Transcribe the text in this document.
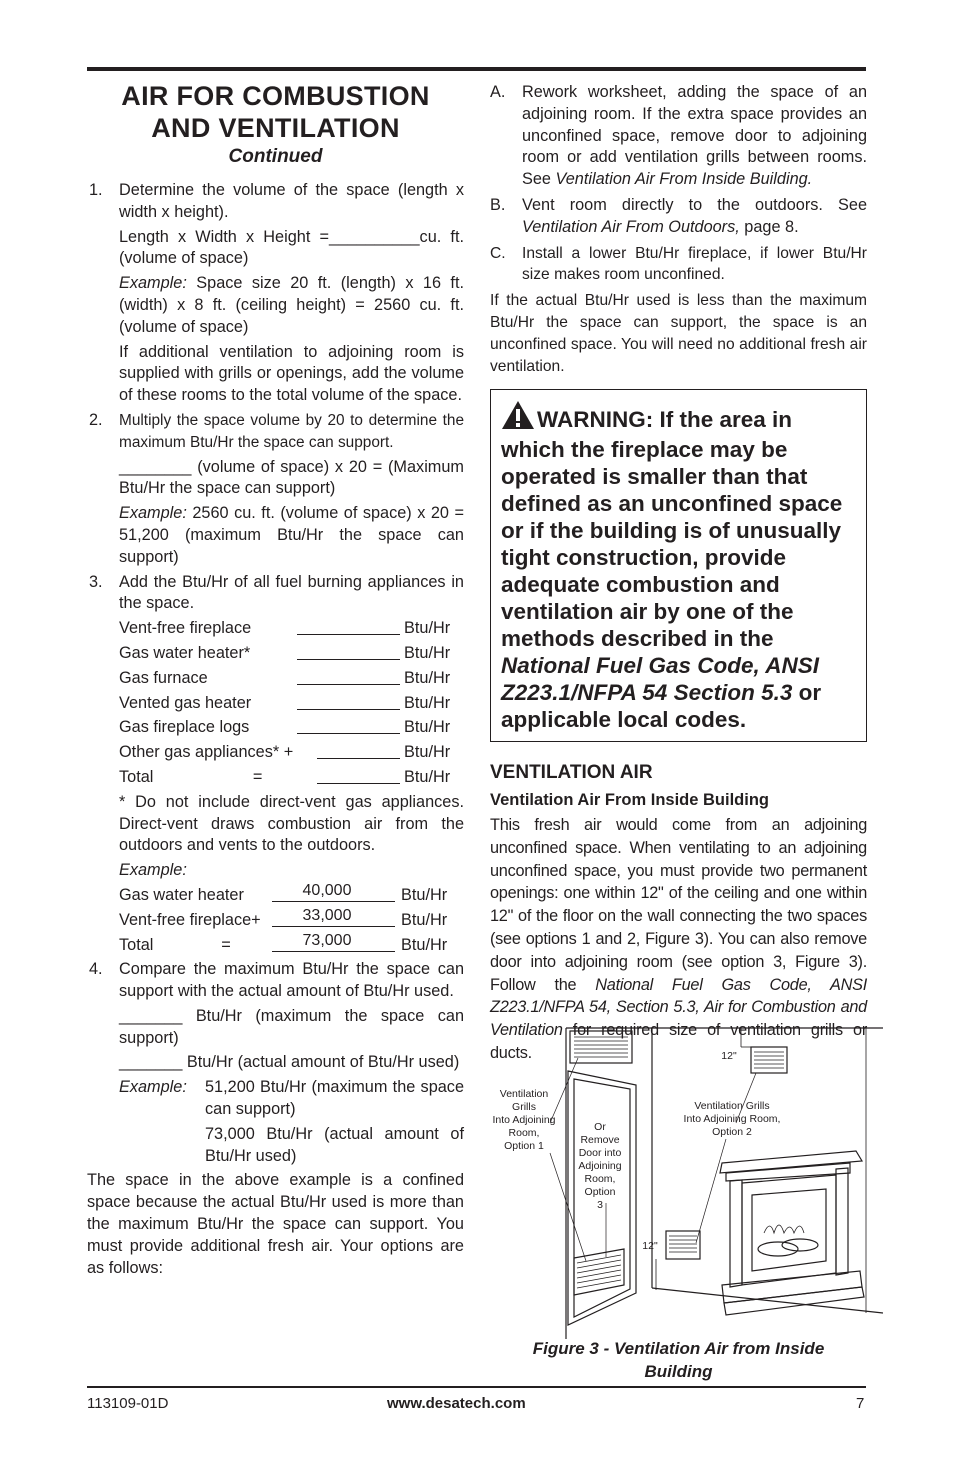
AIR FOR COMBUSTION
AND VENTILATION
Continued
1. Determine the volume of the space (length x width x height).

Length x Width x Height =__________cu. ft. (volume of space)

Example: Space size 20 ft. (length) x 16 ft. (width) x 8 ft. (ceiling height) = 2560 cu. ft. (volume of space)

If additional ventilation to adjoining room is supplied with grills or openings, add the volume of these rooms to the total volume of the space.

2. Multiply the space volume by 20 to determine the maximum Btu/Hr the space can support.

________ (volume of space) x 20 = (Maximum Btu/Hr the space can support)

Example: 2560 cu. ft. (volume of space) x 20 = 51,200 (maximum Btu/Hr the space can support)

3. Add the Btu/Hr of all fuel burning appliances in the space.

Vent-free fireplace	Btu/Hr
Gas water heater*	Btu/Hr
Gas furnace	Btu/Hr
Vented gas heater	Btu/Hr
Gas fireplace logs	Btu/Hr
Other gas appliances* +	Btu/Hr
Total                      =	Btu/Hr

* Do not include direct-vent gas appliances. Direct-vent draws combustion air from the outdoors and vents to the outdoors.

Example:

Gas water heater	40,000	Btu/Hr
Vent-free fireplace+	33,000	Btu/Hr
Total               =	73,000	Btu/Hr
4. Compare the maximum Btu/Hr the space can support with the actual amount of Btu/Hr used.

_______ Btu/Hr (maximum the space can support)

_______ Btu/Hr (actual amount of Btu/Hr used)

Example:	51,200 Btu/Hr (maximum the space can support)
73,000 Btu/Hr (actual amount of Btu/Hr used)

The space in the above example is a confined space because the actual Btu/Hr used is more than the maximum Btu/Hr the space can support. You must provide additional fresh air. Your options are as follows:

A. Rework worksheet, adding the space of an adjoining room. If the extra space provides an unconfined space, remove door to adjoining room or add ventilation grills between rooms. See Ventilation Air From Inside Building.
B. Vent room directly to the outdoors. See Ventilation Air From Outdoors, page 8.
C. Install a lower Btu/Hr fireplace, if lower Btu/Hr size makes room unconfined.

If the actual Btu/Hr used is less than the maximum Btu/Hr the space can support, the space is an unconfined space. You will need no additional fresh air ventilation.

WARNING: If the area in which the fireplace may be operated is smaller than that defined as an unconfined space or if the building is of unusually tight construction, provide adequate combustion and ventilation air by one of the methods described in the National Fuel Gas Code, ANSI Z223.1/NFPA 54 Section 5.3 or applicable local codes.
VENTILATION AIR
Ventilation Air From Inside Building

This fresh air would come from an adjoining unconfined space. When ventilating to an adjoining unconfined space, you must provide two permanent openings: one within 12" of the ceiling and one within 12" of the floor on the wall connecting the two spaces (see options 1 and 2, Figure 3). You can also remove door into adjoining room (see option 3, Figure 3). Follow the National Fuel Gas Code, ANSI Z223.1/NFPA 54, Section 5.3, Air for Combustion and Ventilation for required size of ventilation grills or ducts.

Ventilation Grills Into Adjoining Room, Option 1
Or Remove Door into Adjoining Room, Option 3
Ventilation Grills Into Adjoining Room, Option 2
12"
12"
Figure 3 - Ventilation Air from Inside
Building
113109-01D	www.desatech.com	7
